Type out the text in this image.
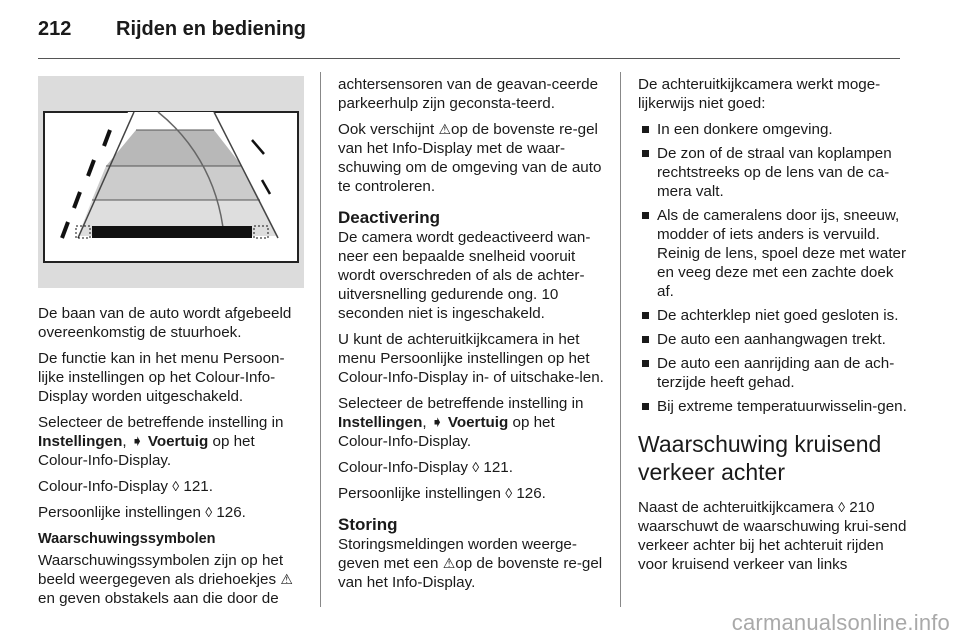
212	Rijden en bediening

De baan van de auto wordt afgebeeld overeenkomstig de stuurhoek.

De functie kan in het menu Persoon-lijke instellingen op het Colour-Info-Display worden uitgeschakeld.

Selecteer de betreffende instelling in Instellingen, ➧ Voertuig op het Colour-Info-Display.

Colour-Info-Display ◊ 121.

Persoonlijke instellingen ◊ 126.

Waarschuwingssymbolen

Waarschuwingssymbolen zijn op het beeld weergegeven als driehoekjes ⚠en geven obstakels aan die door de

achtersensoren van de geavan-ceerde parkeerhulp zijn geconsta-teerd.

Ook verschijnt ⚠op de bovenste re-gel van het Info-Display met de waar-schuwing om de omgeving van de auto te controleren.

Deactivering

De camera wordt gedeactiveerd wan-neer een bepaalde snelheid vooruit wordt overschreden of als de achter-uitversnelling gedurende ong. 10 seconden niet is ingeschakeld.

U kunt de achteruitkijkcamera in het menu Persoonlijke instellingen op het Colour-Info-Display in- of uitschake-len.

Selecteer de betreffende instelling in Instellingen, ➧ Voertuig op het Colour-Info-Display.

Colour-Info-Display ◊ 121.

Persoonlijke instellingen ◊ 126.

Storing

Storingsmeldingen worden weerge-geven met een ⚠op de bovenste re-gel van het Info-Display.

De achteruitkijkcamera werkt moge-lijkerwijs niet goed:

In een donkere omgeving.
De zon of de straal van koplampen rechtstreeks op de lens van de ca-mera valt.
Als de cameralens door ijs, sneeuw, modder of iets anders is vervuild. Reinig de lens, spoel deze met water en veeg deze met een zachte doek af.
De achterklep niet goed gesloten is.
De auto een aanhangwagen trekt.
De auto een aanrijding aan de ach-terzijde heeft gehad.
Bij extreme temperatuurwisselin-gen.
Waarschuwing kruisend verkeer achter

Naast de achteruitkijkcamera ◊ 210 waarschuwt de waarschuwing krui-send verkeer achter bij het achteruit rijden voor kruisend verkeer van links

carmanualsonline.info
